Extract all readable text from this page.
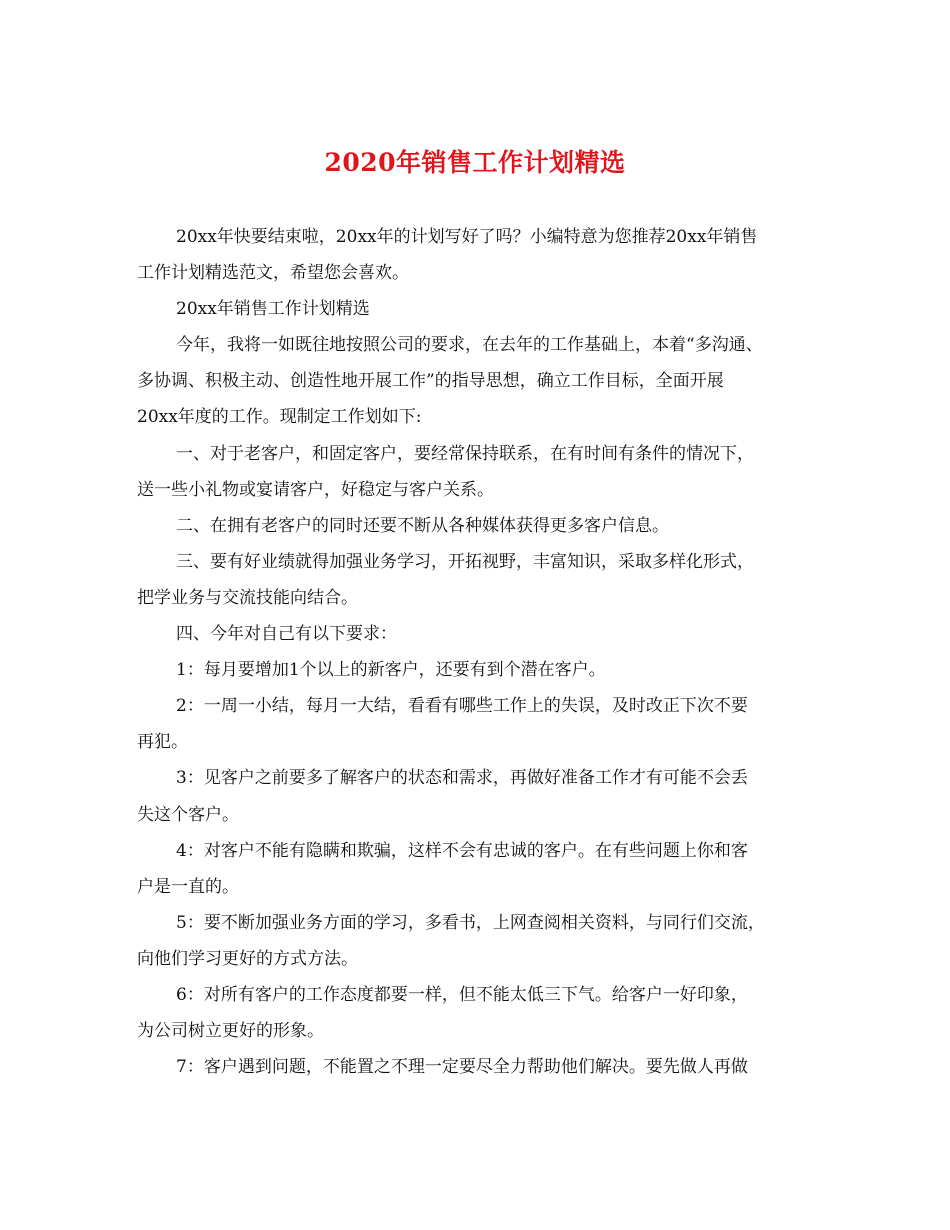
2020年销售工作计划精选
20xx年快要结束啦，20xx年的计划写好了吗？小编特意为您推荐20xx年销售
工作计划精选范文，希望您会喜欢。
20xx年销售工作计划精选
今年，我将一如既往地按照公司的要求，在去年的工作基础上，本着“多沟通、
多协调、积极主动、创造性地开展工作”的指导思想，确立工作目标，全面开展
20xx年度的工作。现制定工作划如下:
一、对于老客户，和固定客户，要经常保持联系，在有时间有条件的情况下，
送一些小礼物或宴请客户，好稳定与客户关系。
二、在拥有老客户的同时还要不断从各种媒体获得更多客户信息。
三、要有好业绩就得加强业务学习，开拓视野，丰富知识，采取多样化形式，
把学业务与交流技能向结合。
四、今年对自己有以下要求：
1：每月要增加1个以上的新客户，还要有到个潜在客户。
2：一周一小结，每月一大结，看看有哪些工作上的失误，及时改正下次不要
再犯。
3：见客户之前要多了解客户的状态和需求，再做好准备工作才有可能不会丢
失这个客户。
4：对客户不能有隐瞒和欺骗，这样不会有忠诚的客户。在有些问题上你和客
户是一直的。
5：要不断加强业务方面的学习，多看书，上网查阅相关资料，与同行们交流，
向他们学习更好的方式方法。
6：对所有客户的工作态度都要一样，但不能太低三下气。给客户一好印象，
为公司树立更好的形象。
7：客户遇到问题，不能置之不理一定要尽全力帮助他们解决。要先做人再做
